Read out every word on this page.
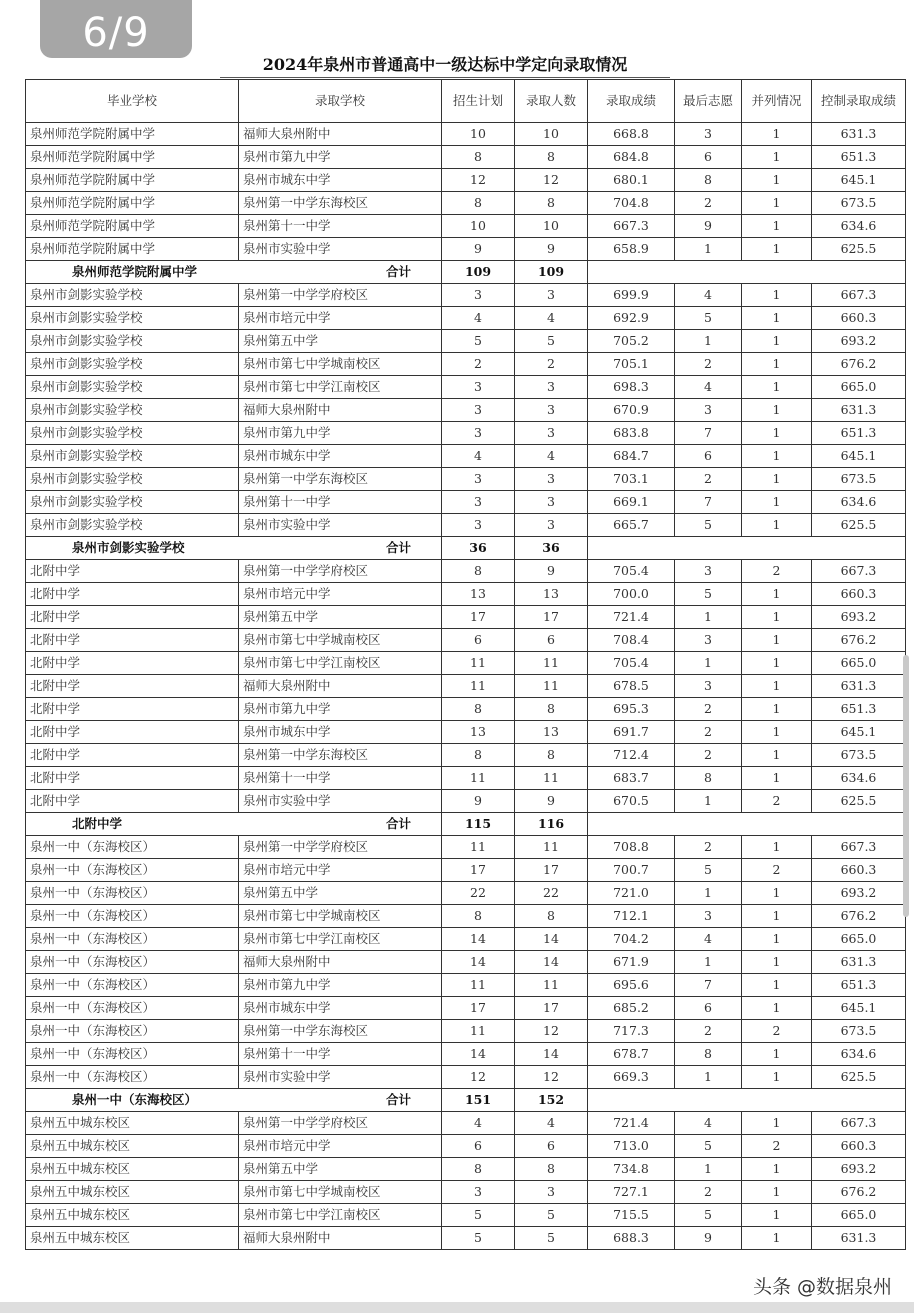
6/9
2024年泉州市普通高中一级达标中学定向录取情况
毕业学校	录取学校	招生计划	录取人数	录取成绩	最后志愿	并列情况	控制录取成绩
泉州师范学院附属中学	福师大泉州附中	10	10	668.8	3	1	631.3
泉州师范学院附属中学	泉州市第九中学	8	8	684.8	6	1	651.3
泉州师范学院附属中学	泉州市城东中学	12	12	680.1	8	1	645.1
泉州师范学院附属中学	泉州第一中学东海校区	8	8	704.8	2	1	673.5
泉州师范学院附属中学	泉州第十一中学	10	10	667.3	9	1	634.6
泉州师范学院附属中学	泉州市实验中学	9	9	658.9	1	1	625.5
泉州师范学院附属中学	合计	109	109				
泉州市剑影实验学校	泉州第一中学学府校区	3	3	699.9	4	1	667.3
泉州市剑影实验学校	泉州市培元中学	4	4	692.9	5	1	660.3
泉州市剑影实验学校	泉州第五中学	5	5	705.2	1	1	693.2
泉州市剑影实验学校	泉州市第七中学城南校区	2	2	705.1	2	1	676.2
泉州市剑影实验学校	泉州市第七中学江南校区	3	3	698.3	4	1	665.0
泉州市剑影实验学校	福师大泉州附中	3	3	670.9	3	1	631.3
泉州市剑影实验学校	泉州市第九中学	3	3	683.8	7	1	651.3
泉州市剑影实验学校	泉州市城东中学	4	4	684.7	6	1	645.1
泉州市剑影实验学校	泉州第一中学东海校区	3	3	703.1	2	1	673.5
泉州市剑影实验学校	泉州第十一中学	3	3	669.1	7	1	634.6
泉州市剑影实验学校	泉州市实验中学	3	3	665.7	5	1	625.5
泉州市剑影实验学校	合计	36	36				
北附中学	泉州第一中学学府校区	8	9	705.4	3	2	667.3
北附中学	泉州市培元中学	13	13	700.0	5	1	660.3
北附中学	泉州第五中学	17	17	721.4	1	1	693.2
北附中学	泉州市第七中学城南校区	6	6	708.4	3	1	676.2
北附中学	泉州市第七中学江南校区	11	11	705.4	1	1	665.0
北附中学	福师大泉州附中	11	11	678.5	3	1	631.3
北附中学	泉州市第九中学	8	8	695.3	2	1	651.3
北附中学	泉州市城东中学	13	13	691.7	2	1	645.1
北附中学	泉州第一中学东海校区	8	8	712.4	2	1	673.5
北附中学	泉州第十一中学	11	11	683.7	8	1	634.6
北附中学	泉州市实验中学	9	9	670.5	1	2	625.5
北附中学	合计	115	116				
泉州一中（东海校区）	泉州第一中学学府校区	11	11	708.8	2	1	667.3
泉州一中（东海校区）	泉州市培元中学	17	17	700.7	5	2	660.3
泉州一中（东海校区）	泉州第五中学	22	22	721.0	1	1	693.2
泉州一中（东海校区）	泉州市第七中学城南校区	8	8	712.1	3	1	676.2
泉州一中（东海校区）	泉州市第七中学江南校区	14	14	704.2	4	1	665.0
泉州一中（东海校区）	福师大泉州附中	14	14	671.9	1	1	631.3
泉州一中（东海校区）	泉州市第九中学	11	11	695.6	7	1	651.3
泉州一中（东海校区）	泉州市城东中学	17	17	685.2	6	1	645.1
泉州一中（东海校区）	泉州第一中学东海校区	11	12	717.3	2	2	673.5
泉州一中（东海校区）	泉州第十一中学	14	14	678.7	8	1	634.6
泉州一中（东海校区）	泉州市实验中学	12	12	669.3	1	1	625.5
泉州一中（东海校区）	合计	151	152				
泉州五中城东校区	泉州第一中学学府校区	4	4	721.4	4	1	667.3
泉州五中城东校区	泉州市培元中学	6	6	713.0	5	2	660.3
泉州五中城东校区	泉州第五中学	8	8	734.8	1	1	693.2
泉州五中城东校区	泉州市第七中学城南校区	3	3	727.1	2	1	676.2
泉州五中城东校区	泉州市第七中学江南校区	5	5	715.5	5	1	665.0
泉州五中城东校区	福师大泉州附中	5	5	688.3	9	1	631.3
头条 @数据泉州
